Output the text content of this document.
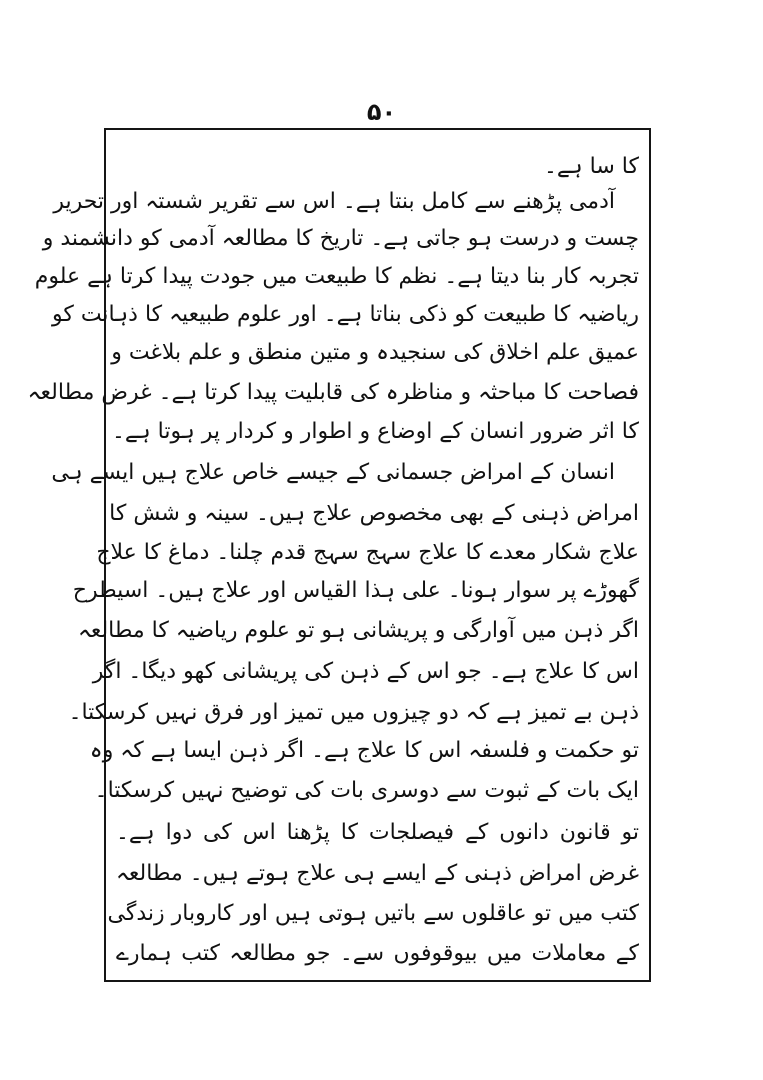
۵۰
کا سا ہے۔
آدمی پڑھنے سے کامل بنتا ہے۔ اس سے تقریر شستہ اور تحریر
چست و درست ہو جاتی ہے۔ تاریخ کا مطالعہ آدمی کو دانشمند و
تجربہ کار بنا دیتا ہے۔ نظم کا طبیعت میں جودت پیدا کرتا ہے علوم
ریاضیہ کا طبیعت کو ذکی بناتا ہے۔ اور علوم طبیعیہ کا ذہانت کو
عمیق علم اخلاق کی سنجیدہ و متین منطق و علم بلاغت و
فصاحت کا مباحثہ و مناظرہ کی قابلیت پیدا کرتا ہے۔ غرض مطالعہ
کا اثر ضرور انسان کے اوضاع و اطوار و کردار پر ہوتا ہے۔
انسان کے امراض جسمانی کے جیسے خاص علاج ہیں ایسے ہی
امراض ذہنی کے بھی مخصوص علاج ہیں۔ سینہ و شش کا
علاج شکار معدے کا علاج سہج سہج قدم چلنا۔ دماغ کا علاج
گھوڑے پر سوار ہونا۔ علی ہذا القیاس اور علاج ہیں۔ اسیطرح
اگر ذہن میں آوارگی و پریشانی ہو تو علوم ریاضیہ کا مطالعہ
اس کا علاج ہے۔ جو اس کے ذہن کی پریشانی کھو دیگا۔ اگر
ذہن بے تمیز ہے کہ دو چیزوں میں تمیز اور فرق نہیں کرسکتا۔
تو حکمت و فلسفہ اس کا علاج ہے۔ اگر ذہن ایسا ہے کہ وہ
ایک بات کے ثبوت سے دوسری بات کی توضیح نہیں کرسکتا۔
تو قانون دانوں کے فیصلجات کا پڑھنا اس کی دوا ہے۔
غرض امراض ذہنی کے ایسے ہی علاج ہوتے ہیں۔ مطالعہ
کتب میں تو عاقلوں سے باتیں ہوتی ہیں اور کاروبار زندگی
کے معاملات میں بیوقوفوں سے۔ جو مطالعہ کتب ہمارے
